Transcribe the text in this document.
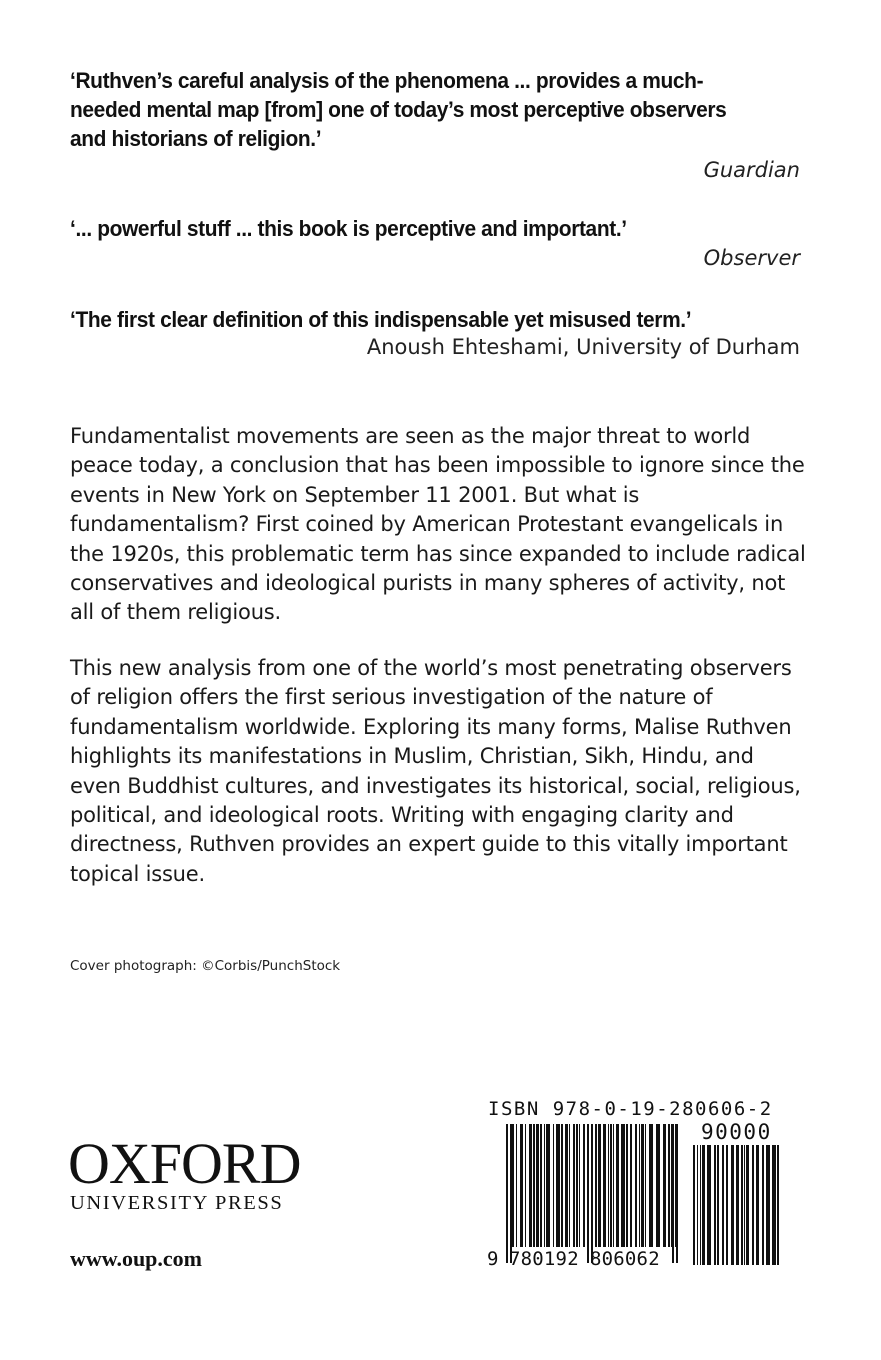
‘Ruthven’s careful analysis of the phenomena ... provides a much-needed mental map [from] one of today’s most perceptive observers and historians of religion.’

Guardian

‘... powerful stuff ... this book is perceptive and important.’

Observer

‘The first clear definition of this indispensable yet misused term.’

Anoush Ehteshami, University of Durham

Fundamentalist movements are seen as the major threat to world peace today, a conclusion that has been impossible to ignore since the events in New York on September 11 2001. But what is fundamentalism? First coined by American Protestant evangelicals in the 1920s, this problematic term has since expanded to include radical conservatives and ideological purists in many spheres of activity, not all of them religious.

This new analysis from one of the world’s most penetrating observers of religion offers the first serious investigation of the nature of fundamentalism worldwide. Exploring its many forms, Malise Ruthven highlights its manifestations in Muslim, Christian, Sikh, Hindu, and even Buddhist cultures, and investigates its historical, social, religious, political, and ideological roots. Writing with engaging clarity and directness, Ruthven provides an expert guide to this vitally important topical issue.

Cover photograph: ©Corbis/PunchStock
OXFORD
UNIVERSITY PRESS
www.oup.com
ISBN 978-0-19-280606-2
90000
9 780192 806062
